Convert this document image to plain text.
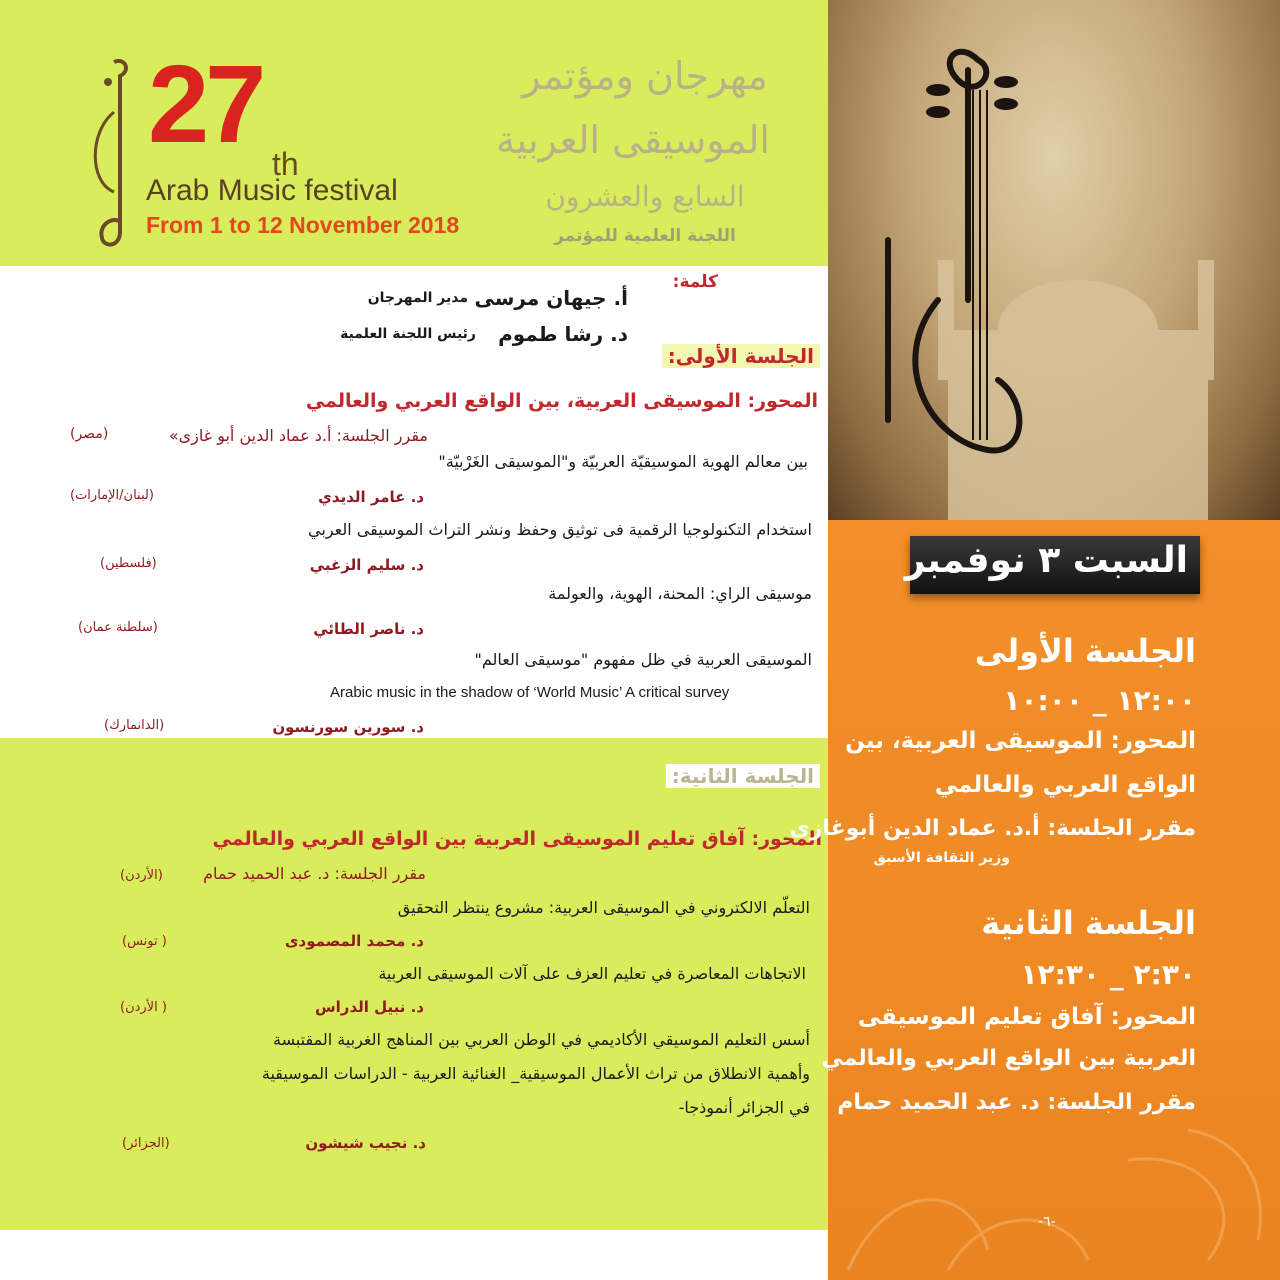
27 th
Arab Music festival
From 1 to 12 November 2018
مهرجان ومؤتمر
الموسيقى العربية
السابع والعشرون
اللجنة العلمية للمؤتمر
كلمة:
أ. جيهان مرسى
مدير المهرجان
د. رشا طموم
رئيس اللجنة العلمية
الجلسة الأولى:
المحور: الموسيقى العربية، بين الواقع العربي والعالمي
مقرر الجلسة: أ.د عماد الدين أبو غازى»
(مصر)
بين معالم الهوية الموسيقيّة العربيّة و"الموسيقى الغَرْبيّة"
د. عامر الديدي
(لبنان/الإمارات)
استخدام التكنولوجيا الرقمية فى توثيق وحفظ ونشر التراث الموسيقى العربي
د. سليم الزغبي
(فلسطين)
موسيقى الراي: المحنة، الهوية، والعولمة
د. ناصر الطائي
(سلطنة عمان)
الموسيقى العربية في ظل مفهوم "موسيقى العالم"
Arabic music in the shadow of ‘World Music’ A critical survey
د. سورين سورنسون
(الدانمارك)
الجلسة الثانية:
المحور: آفاق تعليم الموسيقى العربية بين الواقع العربي والعالمي
مقرر الجلسة: د. عبد الحميد حمام
(الأردن)
التعلّم الالكتروني في الموسيقى العربية: مشروع ينتظر التحقيق
د. محمد المصمودى
( تونس)
الاتجاهات المعاصرة في تعليم العزف على آلات الموسيقى العربية
د. نبيل الدراس
( الأردن)
أسس التعليم الموسيقي الأكاديمي في الوطن العربي بين المناهج الغربية المقتبسة
وأهمية الانطلاق من تراث الأعمال الموسيقية_ الغنائية العربية - الدراسات الموسيقية
في الجزائر أنموذجا-
د. نجيب شيشون
(الجزائر)
السبت ٣ نوفمبر
الجلسة الأولى
١٢:٠٠ _ ١٠:٠٠
المحور: الموسيقى العربية، بين
الواقع العربي والعالمي
مقرر الجلسة: أ.د. عماد الدين أبوغازى
وزير الثقافة الأسبق
الجلسة الثانية
٢:٣٠ _ ١٢:٣٠
المحور: آفاق تعليم الموسيقى
العربية بين الواقع العربي والعالمي
مقرر الجلسة: د. عبد الحميد حمام
-٦-
